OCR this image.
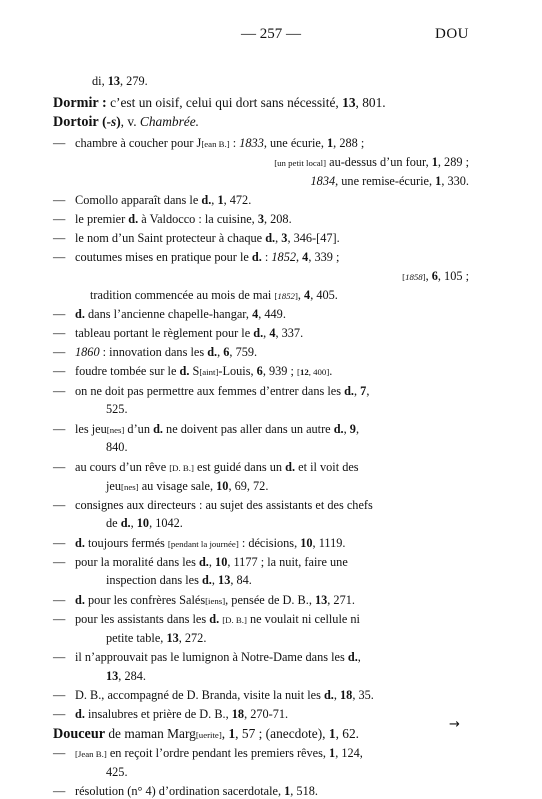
— 257 —	DOU
di, 13, 279.
Dormir : c’est un oisif, celui qui dort sans nécessité, 13, 801.
Dortoir (-s), v. Chambrée.
— chambre à coucher pour J[ean B.] : 1833, une écurie, 1, 288 ;
[un petit local] au-dessus d’un four, 1, 289 ;
1834, une remise-écurie, 1, 330.
— Comollo apparaît dans le d., 1, 472.
— le premier d. à Valdocco : la cuisine, 3, 208.
— le nom d’un Saint protecteur à chaque d., 3, 346-[47].
— coutumes mises en pratique pour le d. : 1852, 4, 339 ;
[1858], 6, 105 ;
tradition commencée au mois de mai [1852], 4, 405.
— d. dans l’ancienne chapelle-hangar, 4, 449.
— tableau portant le règlement pour le d., 4, 337.
— 1860 : innovation dans les d., 6, 759.
— foudre tombée sur le d. S[aint]-Louis, 6, 939 ; [12, 400].
— on ne doit pas permettre aux femmes d’entrer dans les d., 7,
525.
— les jeu[nes] d’un d. ne doivent pas aller dans un autre d., 9,
840.
— au cours d’un rêve [D. B.] est guidé dans un d. et il voit des
jeu[nes] au visage sale, 10, 69, 72.
— consignes aux directeurs : au sujet des assistants et des chefs
de d., 10, 1042.
— d. toujours fermés [pendant la journée] : décisions, 10, 1119.
— pour la moralité dans les d., 10, 1177 ; la nuit, faire une
inspection dans les d., 13, 84.
— d. pour les confrères Salés[iens], pensée de D. B., 13, 271.
— pour les assistants dans les d. [D. B.] ne voulait ni cellule ni
petite table, 13, 272.
— il n’approuvait pas le lumignon à Notre-Dame dans les d.,
13, 284.
— D. B., accompagné de D. Branda, visite la nuit les d., 18, 35.
— d. insalubres et prière de D. B., 18, 270-71.
Douceur de maman Marg[uerite], 1, 57 ; (anecdote), 1, 62.
— [Jean B.] en reçoit l’ordre pendant les premiers rêves, 1, 124,
425.
— résolution (n° 4) d’ordination sacerdotale, 1, 518.
→
